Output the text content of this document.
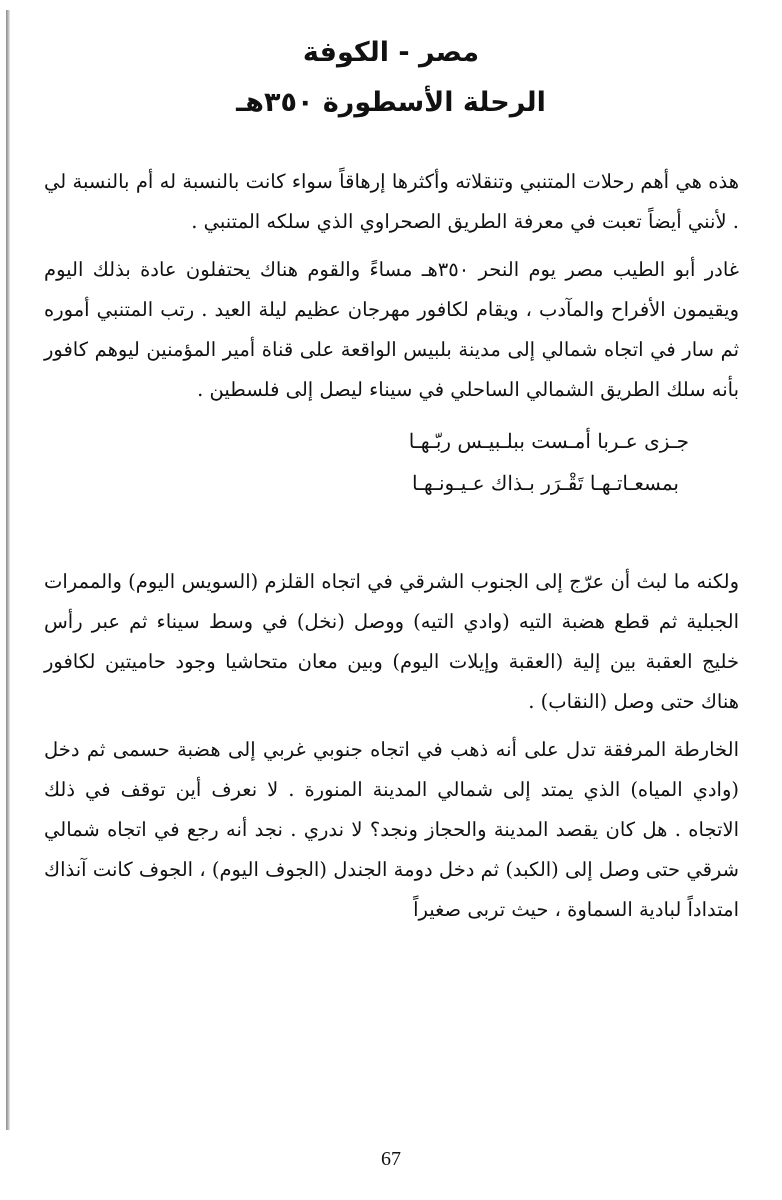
مصر - الكوفة
الرحلة الأسطورة ٣٥٠هـ

هذه هي أهم رحلات المتنبي وتنقلاته وأكثرها إرهاقاً سواء كانت بالنسبة له أم بالنسبة لي . لأنني أيضاً تعبت في معرفة الطريق الصحراوي الذي سلكه المتنبي .

غادر أبو الطيب مصر يوم النحر ٣٥٠هـ مساءً والقوم هناك يحتفلون عادة بذلك اليوم ويقيمون الأفراح والمآدب ، ويقام لكافور مهرجان عظيم ليلة العيد . رتب المتنبي أموره ثم سار في اتجاه شمالي إلى مدينة بلبيس الواقعة على قناة أمير المؤمنين ليوهم كافور بأنه سلك الطريق الشمالي الساحلي في سيناء ليصل إلى فلسطين .

جـزى عـربا أمـست ببلـبيـس ربّـهـا
بمسعـاتـهـا تَقْـرَر بـذاك عـيـونـهـا

ولكنه ما لبث أن عرّج إلى الجنوب الشرقي في اتجاه القلزم (السويس اليوم) والممرات الجبلية ثم قطع هضبة التيه (وادي التيه) ووصل (نخل) في وسط سيناء ثم عبر رأس خليج العقبة بين إلية (العقبة وإيلات اليوم) وبين معان متحاشيا وجود حاميتين لكافور هناك حتى وصل (النقاب) .

الخارطة المرفقة تدل على أنه ذهب في اتجاه جنوبي غربي إلى هضبة حسمى ثم دخل (وادي المياه) الذي يمتد إلى شمالي المدينة المنورة . لا نعرف أين توقف في ذلك الاتجاه . هل كان يقصد المدينة والحجاز ونجد؟ لا ندري . نجد أنه رجع في اتجاه شمالي شرقي حتى وصل إلى (الكبد) ثم دخل دومة الجندل (الجوف اليوم) ، الجوف كانت آنذاك امتداداً لبادية السماوة ، حيث تربى صغيراً

67
